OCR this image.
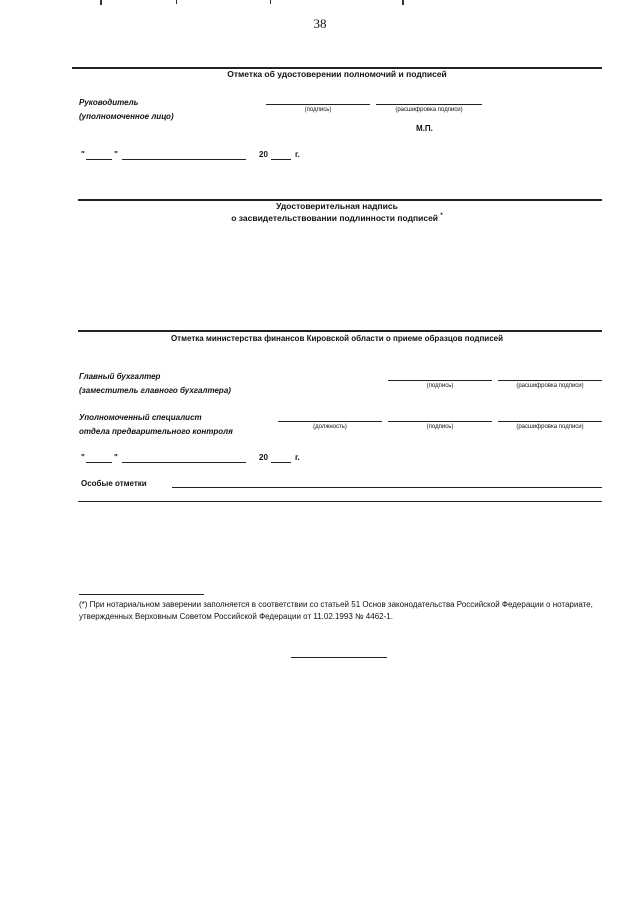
38
Отметка об удостоверении полномочий и подписей
Руководитель
(уполномоченное лицо)
(подпись)	(расшифровка подписи)
М.П.
"	"	20	г.
Удостоверительная надпись
о засвидетельствовании подлинности подписей *
Отметка министерства финансов Кировской области о приеме образцов подписей
Главный бухгалтер
(заместитель главного бухгалтера)	(подпись)	(расшифровка подписи)
Уполномоченный специалист
отдела предварительного контроля	(должность)	(подпись)	(расшифровка подписи)
"	"	20	г.
Особые отметки
(*) При нотариальном заверении заполняется в соответствии со статьей 51 Основ законодательства Российской Федерации о нотариате, утвержденных Верховным Советом Российской Федерации от 11.02.1993 № 4462-1.
